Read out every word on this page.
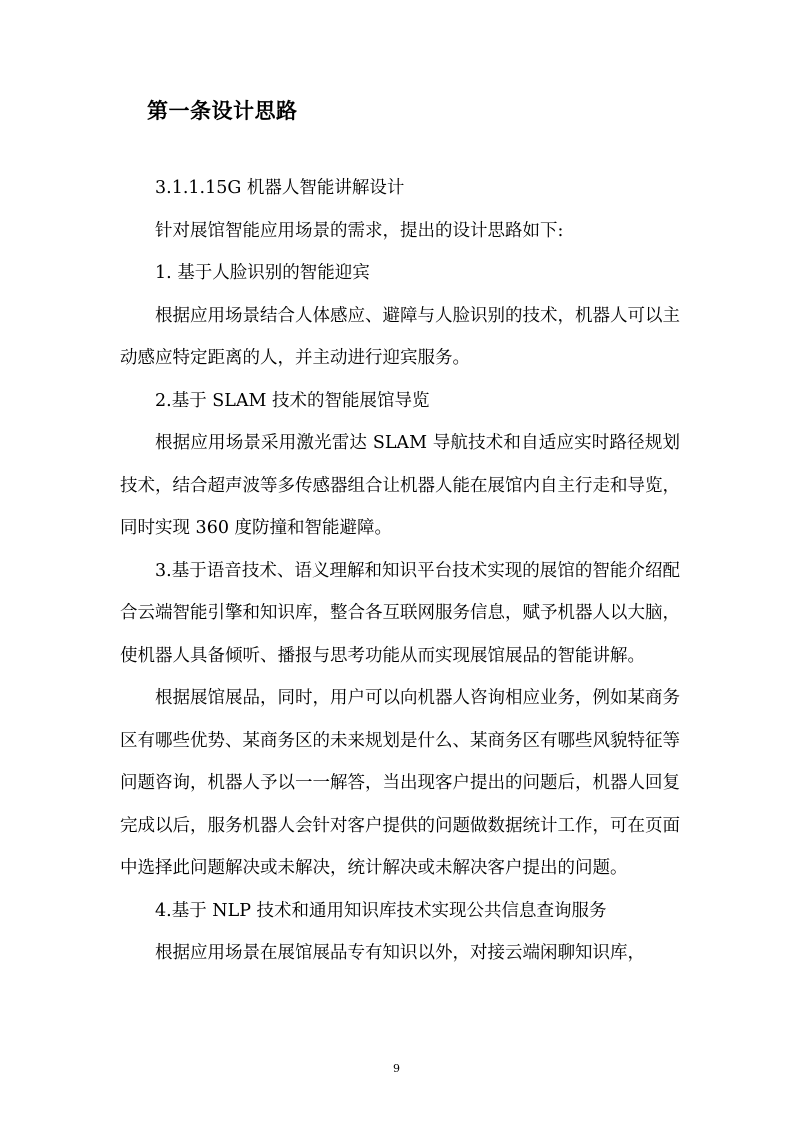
第一条设计思路

3.1.1.15G 机器人智能讲解设计

针对展馆智能应用场景的需求，提出的设计思路如下:

1. 基于人脸识别的智能迎宾

根据应用场景结合人体感应、避障与人脸识别的技术，机器人可以主动感应特定距离的人，并主动进行迎宾服务。

2.基于 SLAM 技术的智能展馆导览

根据应用场景采用激光雷达 SLAM 导航技术和自适应实时路径规划技术，结合超声波等多传感器组合让机器人能在展馆内自主行走和导览，同时实现 360 度防撞和智能避障。

3.基于语音技术、语义理解和知识平台技术实现的展馆的智能介绍配合云端智能引擎和知识库，整合各互联网服务信息，赋予机器人以大脑，使机器人具备倾听、播报与思考功能从而实现展馆展品的智能讲解。

根据展馆展品，同时，用户可以向机器人咨询相应业务，例如某商务区有哪些优势、某商务区的未来规划是什么、某商务区有哪些风貌特征等问题咨询，机器人予以一一解答，当出现客户提出的问题后，机器人回复完成以后，服务机器人会针对客户提供的问题做数据统计工作，可在页面中选择此问题解决或未解决，统计解决或未解决客户提出的问题。

4.基于 NLP 技术和通用知识库技术实现公共信息查询服务

根据应用场景在展馆展品专有知识以外，对接云端闲聊知识库，

9
